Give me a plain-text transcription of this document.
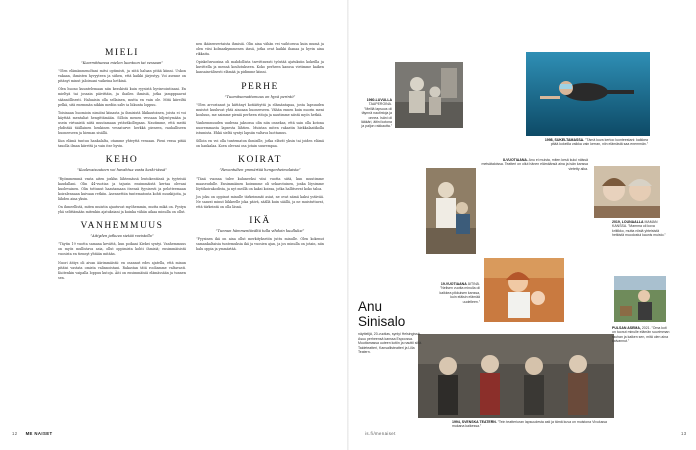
MIELI
”Kuormittuessa mielen luontoon tai vessaan”

”Olen elämänmenoltani mitsi optimisti, ja siitä haluan pitää kiinni. Uskon vakaan, ihmisten hyvyyteen ja siihen, että kaikki järjestyy. Voi asenne on pitänyt minut jaloissani vaikeina hetkinä.

Olen huono kuuntelemaan niin kesskistä kuin ryysistä hyvinvointinani. En mieltyä tai jossain päivittäin, ja ihailen ihmisiä, jotka jampppaavat säännöllisesti. Haluaisin olla sellainen, mutta en vain ole. Mitä kiireiltä pelkä, sitä enemmän nikkin mediin saliv ia liikunta loppuu.

Toisinaan huomioin nimiöni kiinasta ja ihmisistä likikautoinen, joista ei voi käyttää mentaliat hengittämään. Silloin menen vessaan hiljentymään ja usein virtuaistä niitä muutamaan ystäväkollegaan. Nautimme, että meitä yhdistää täällainen henkinen vessaturve: herkkä pieneen, rauhalliseen huoneeseen ja hieman sisällä.

Kun elämä tuntuu hankalalta, otamme yhteyttä vessaan. Pieni vessa pitää tauolla ilman kiirettä ja vain itse hyvin.

KEHO
”Kuolevaisuuteen voi havahtua vasta keski-iässä”

”Ryömmemmä vasta aiten joskhn lähtemässä lentokentässä ja tyyteisiä kaudallani. Olin 44-vuotias ja tajusin ensimmäistä kertaa olevani kuolevainen. Olin tottunut haastamaan itsensä fyysisesti ja pelotteemaan koiralennaan kuivaan retkiin. Asennettiin tuntematonta kohti nuuskijoita, ja lähden aina yksin.

On ihmeellistä, miten muistin ajautuvat myöhemmin, mutta mikä on. Pystyn yhä selittämään mitenkin ajatuksiani ja kuinka vähän aikaa minulla on ollut.

VANHEMMUUS
”Aitiyden jatkuva sietää ravistella”

”Täytin 19 vuotta samana kevättä, kun poikani Kiekei syntyi. Vanhemmuus on myös mullistava asia, ollut oppimista kohti ihmisiä; ensimmäisistä vuosista en tiennyt yhtään mitään.

Nuori äitiys oli aivan äärimmäistä: en osannut edes ajatella, että minun pitäisi vastata omista valinnoistani. Rakastan tätä rooliamme valtavasti. Kuitenkin vaipalla loppuu kutoja. Äiti on ensimmäisiä elämässään ja tunnen sen.

nen ikäisenvertaista ihmisiä. Olin aina vähän vei vaihtoessa kuin mumä ja olen viisi kolmaskymmenen iässä, jotka ovat kaikki ihanaa ja hyvin aina rikkaita.

Opiskeluvuosina oli mahdollista tarvittavasti työstää ajatuksiin kokeilla ja kuvittella ja mennä koulutukseen. Koko perheen kanssa vietimme kaiken kansainvälisesti elämää ja pidimme kiinni.

PERHE
”Tuomitsemattomuus on hyvä perintö”

”Olen arvostanut ja kiittänyt kotiäitiyttä ja elämäntapaa, josta lapsuuden muistot kuuluvat yhtä ainoaan huoneeseen. Vähän ennen kuin nuorin meni kouluun, me saimme pieniä perheen riitoja ja nautimme niistä myös hetkiä.

Vanhemmuuden uudessa jaksossa olin niin onnekas, että sain olla kotona nuoremmasta lapsesta lähtien. Muistan miten rakastin hiekkalaatikolla istumista. Ehkä sieltä syntyi lapsiin valtava luottamus.

Silloin en voi olla tuntematon ihmisille, jotka elävät yksin tai joiden elämä on hankalaa. Koen olevani osa jotain suurempaa.

KOIRAT
”Revontulten ymmärtää hengenheimolaista”

”Tänä vuonna tulee kuluneeksi viisi vuotta siitä, kun muutimme maaseudulle. Ensimmäinen koiramme oli sekarotuinen, jonka löysimme löytökoirakodista, ja nyt meillä on kaksi koiraa, jotka hallitsevat koko taloa.

Jos joku on oppinut minulle tärkeimmät asiat, ne ovat nämä kaksi ystävää. Ne saavat minut liikkeelle joka päivä, säällä kuin säällä, ja ne muistuttavat, että tärkeintä on olla läsnä.

IKÄ
”Tunnun hämmentävältä tulla vihdoin kuulluksi”

”Fyysinen ikä on aina ollut merkityksetön juttu minulle. Olen kokenut samankaltaisia tuntemuksia ikä ja vuosien ajan, ja jos minulla on jotain, niin halu oppia ja ymmärtää.

1960-LUVULLA TAAPEROINA. ”Meillä lapsuus oli täynnä nautintoja ja onnea. Isäni oli lääkäri, äitini kotona ja paljon rakkautta.”
1998, SUKELTAMASSA. ”Tämä kuva kertoo luonteestani: kaikkea pitää kokeilla vaikka vain kerran, niin elämästä saa enemmän.”
8-VUOTIAANA. Anu ei muista, miten kesä kului näissä metsätaloissa. Teatteri on ollut hänen elämäänsä aina ja isän kanssa vietetty aika.
2019, LOUNAALLA MAMAN KANSSA. ”Mamma oli kova kritiikko, mutta niistä yhteisistä hetkistä muodostui kaunis muisto.”
19-VUOTIAANA ÄITINÄ. ”Nelisen vuotta minulla oli kaikkea pikkuisen kanssa, kuin eläisin elämää uudelleen.”
PULSAN ASEMA, 2021. ”Oma koti on tuonut minulle elämän suurimman rauhan ja kaiken sen, mitä olen aina kaivannut.”
1994, SVENSKA TEATERN. ”Tein teatteriuran lapsuudesta asti ja tämä kuva on muistona Vivulussa mukana kaikessa.”
Anu
Sinisalo
näyttelijä, 20-vuotias, syntyi Helsingissä. Asuu perheensä kanssa Espoossa. Muuttamassa uuteen kotiin ja nauttii siitä. Taideteatteri, Kansallisteatteri ja Lilla Teatern.
12 ME NAISET	is.fi/menaiset	13
